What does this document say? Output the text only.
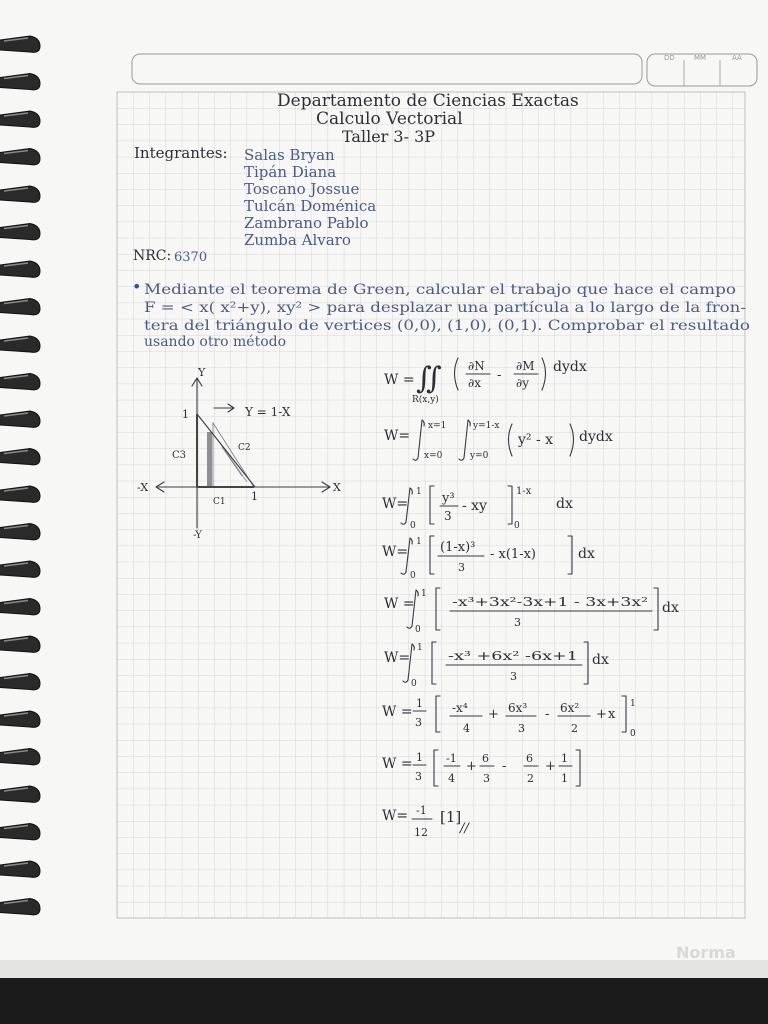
DD	MM	AA
Departamento de Ciencias Exactas
Calculo Vectorial
Taller 3- 3P
Integrantes: Salas Bryan
Tipán Diana
Toscano Jossue
Tulcán Doménica
Zambrano Pablo
Zumba Alvaro
NRC: 6370
• Mediante el teorema de Green, calcular el trabajo que hace el campo
F = < x( x²+y), xy² > para desplazar una partícula a lo largo de la fron-
tera del triángulo de vertices (0,0), (1,0), (0,1). Comprobar el resultado
usando otro método
Y
X
-X
-Y
Y = 1-X
1
1
C1
C2
C3
W = ∬
R(x,y)
∂N
∂x -
∂M
∂y
dydx
W=
x=1
x=0
y=1-x
y=0
y² - x dydx
W=
1
0
y³
3
- xy
1-x
0
dx
W=
1
0
(1-x)³
3
- x(1-x)	dx
W =
1
0
-x³+3x²-3x+1 - 3x+3x²
3
dx
W=
1
0
-x³ +6x² -6x+1
3
dx
W =
1
3
-x⁴
4
+ 6x³
3
- 6x²
2
+ x
1
0
W = 1
3
-1
4
+
6
3
-
6
2
+
1
1
W= -1
12
[1]
//
Norma
